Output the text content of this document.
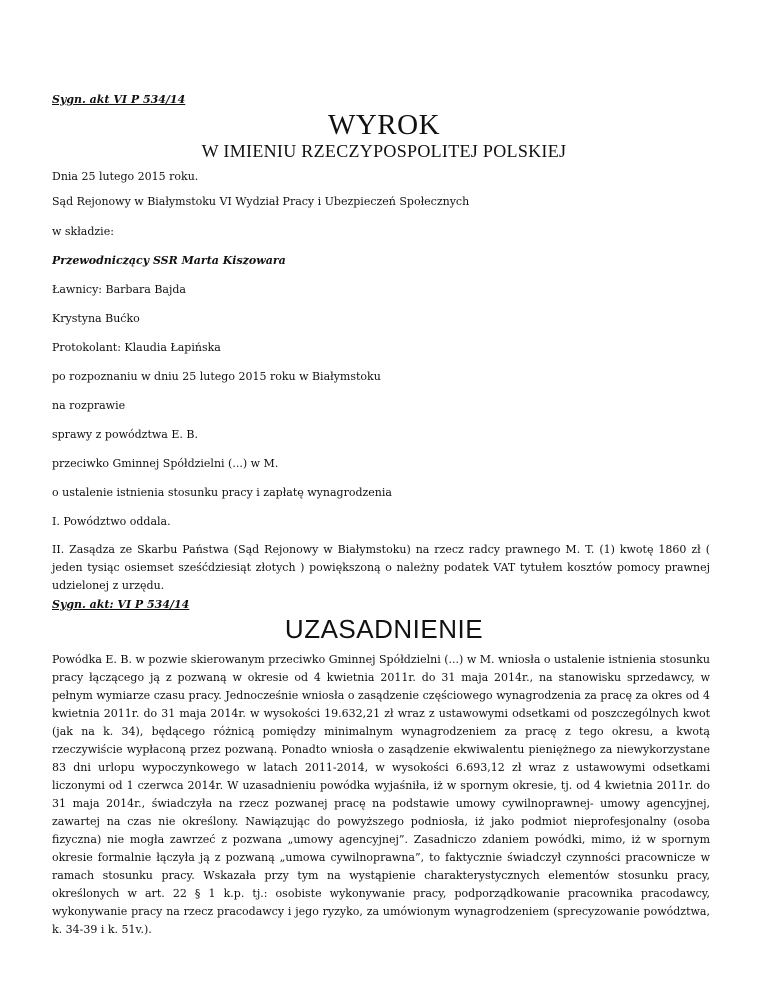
Sygn. akt VI P 534/14
WYROK
W IMIENIU RZECZYPOSPOLITEJ POLSKIEJ
Dnia 25 lutego 2015 roku.
Sąd Rejonowy w Białymstoku VI Wydział Pracy i Ubezpieczeń Społecznych
w składzie:
Przewodniczący SSR Marta Kiszowara
Ławnicy: Barbara Bajda
Krystyna Bućko
Protokolant: Klaudia Łapińska
po rozpoznaniu w dniu 25 lutego 2015 roku w Białymstoku
na rozprawie
sprawy z powództwa E. B.
przeciwko Gminnej Spółdzielni (...) w M.
o ustalenie istnienia stosunku pracy i zapłatę wynagrodzenia
I. Powództwo oddala.

II. Zasądza ze Skarbu Państwa (Sąd Rejonowy w Białymstoku) na rzecz radcy prawnego M. T. (1) kwotę 1860 zł ( jeden tysiąc osiemset sześćdziesiąt złotych ) powiększoną o należny podatek VAT tytułem kosztów pomocy prawnej udzielonej z urzędu.

Sygn. akt: VI P 534/14
UZASADNIENIE

Powódka E. B. w pozwie skierowanym przeciwko Gminnej Spółdzielni (...) w M. wniosła o ustalenie istnienia stosunku pracy łączącego ją z pozwaną w okresie od 4 kwietnia 2011r. do 31 maja 2014r., na stanowisku sprzedawcy, w pełnym wymiarze czasu pracy. Jednocześnie wniosła o zasądzenie częściowego wynagrodzenia za pracę za okres od 4 kwietnia 2011r. do 31 maja 2014r. w wysokości 19.632,21 zł wraz z ustawowymi odsetkami od poszczególnych kwot (jak na k. 34), będącego różnicą pomiędzy minimalnym wynagrodzeniem za pracę z tego okresu, a kwotą rzeczywiście wypłaconą przez pozwaną. Ponadto wniosła o zasądzenie ekwiwalentu pieniężnego za niewykorzystane 83 dni urlopu wypoczynkowego w latach 2011-2014, w wysokości 6.693,12 zł wraz z ustawowymi odsetkami liczonymi od 1 czerwca 2014r. W uzasadnieniu powódka wyjaśniła, iż w spornym okresie, tj. od 4 kwietnia 2011r. do 31 maja 2014r., świadczyła na rzecz pozwanej pracę na podstawie umowy cywilnoprawnej- umowy agencyjnej, zawartej na czas nie określony. Nawiązując do powyższego podniosła, iż jako podmiot nieprofesjonalny (osoba fizyczna) nie mogła zawrzeć z pozwana „umowy agencyjnej”. Zasadniczo zdaniem powódki, mimo, iż w spornym okresie formalnie łączyła ją z pozwaną „umowa cywilnoprawna”, to faktycznie świadczył czynności pracownicze w ramach stosunku pracy. Wskazała przy tym na wystąpienie charakterystycznych elementów stosunku pracy, określonych w art. 22 § 1 k.p. tj.: osobiste wykonywanie pracy, podporządkowanie pracownika pracodawcy, wykonywanie pracy na rzecz pracodawcy i jego ryzyko, za umówionym wynagrodzeniem (sprecyzowanie powództwa, k. 34-39 i k. 51v.).
